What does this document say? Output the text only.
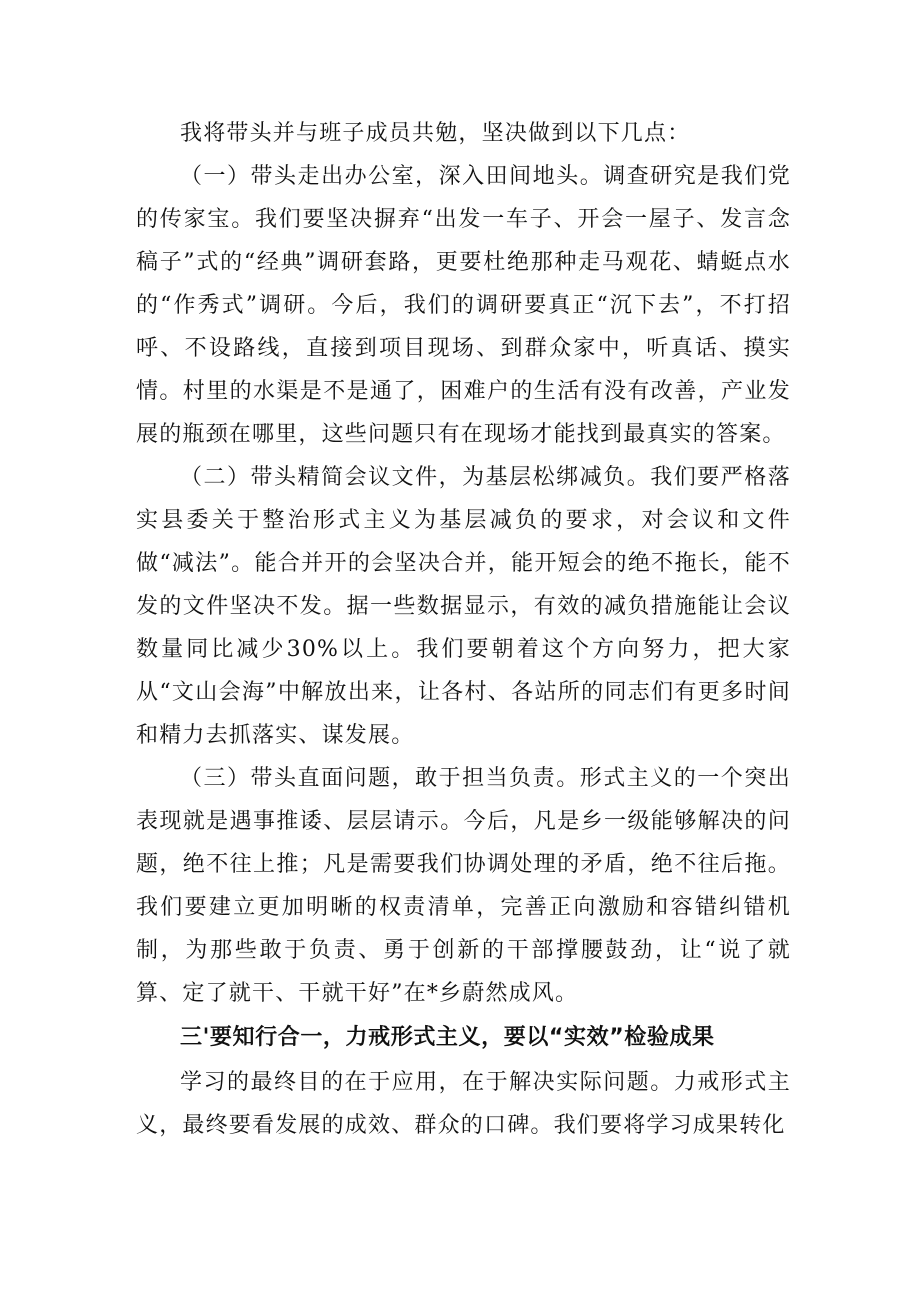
我将带头并与班子成员共勉，坚决做到以下几点：

（一）带头走出办公室，深入田间地头。调查研究是我们党的传家宝。我们要坚决摒弃“出发一车子、开会一屋子、发言念稿子”式的“经典”调研套路，更要杜绝那种走马观花、蜻蜓点水的“作秀式”调研。今后，我们的调研要真正“沉下去”，不打招呼、不设路线，直接到项目现场、到群众家中，听真话、摸实情。村里的水渠是不是通了，困难户的生活有没有改善，产业发展的瓶颈在哪里，这些问题只有在现场才能找到最真实的答案。

（二）带头精简会议文件，为基层松绑减负。我们要严格落实县委关于整治形式主义为基层减负的要求，对会议和文件做“减法”。能合并开的会坚决合并，能开短会的绝不拖长，能不发的文件坚决不发。据一些数据显示，有效的减负措施能让会议数量同比减少30%以上。我们要朝着这个方向努力，把大家从“文山会海”中解放出来，让各村、各站所的同志们有更多时间和精力去抓落实、谋发展。

（三）带头直面问题，敢于担当负责。形式主义的一个突出表现就是遇事推诿、层层请示。今后，凡是乡一级能够解决的问题，绝不往上推；凡是需要我们协调处理的矛盾，绝不往后拖。我们要建立更加明晰的权责清单，完善正向激励和容错纠错机制，为那些敢于负责、勇于创新的干部撑腰鼓劲，让“说了就算、定了就干、干就干好”在*乡蔚然成风。

三'要知行合一，力戒形式主义，要以“实效”检验成果

学习的最终目的在于应用，在于解决实际问题。力戒形式主义，最终要看发展的成效、群众的口碑。我们要将学习成果转化
